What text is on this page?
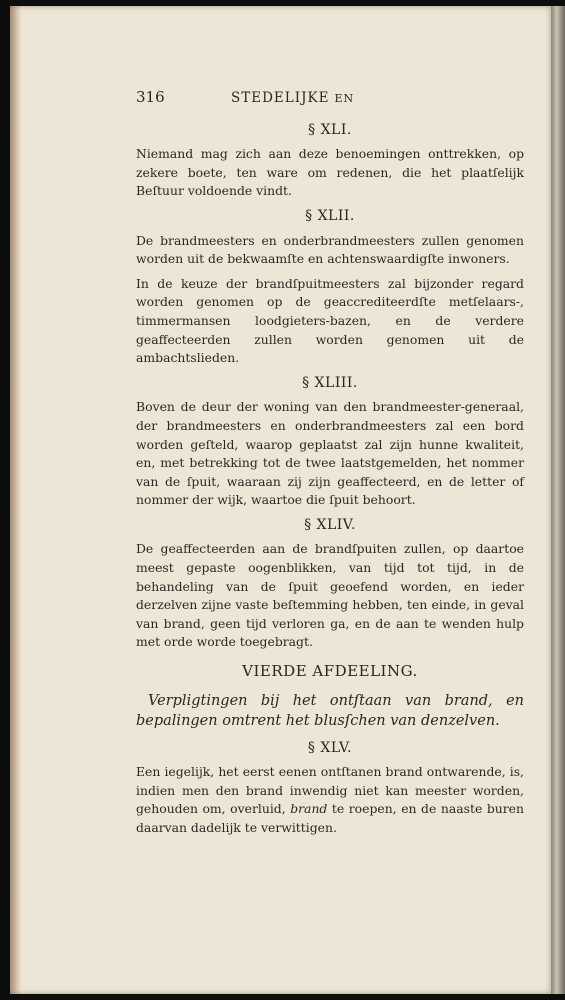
316	STEDELIJKE EN
§ XLI.

Niemand mag zich aan deze benoemingen onttrekken, op zekere boete, ten ware om redenen, die het plaatſelijk Beſtuur voldoende vindt.

§ XLII.

De brandmeesters en onderbrandmeesters zullen genomen worden uit de bekwaamſte en achtenswaardigſte inwoners.

In de keuze der brandſpuitmeesters zal bijzonder regard worden genomen op de geaccrediteerdſte metſelaars-, timmermansen loodgieters-bazen, en de verdere geaffecteerden zullen worden genomen uit de ambachtslieden.

§ XLIII.

Boven de deur der woning van den brandmeester-generaal, der brandmeesters en onderbrandmeesters zal een bord worden geſteld, waarop geplaatst zal zijn hunne kwaliteit, en, met betrekking tot de twee laatstgemelden, het nommer van de ſpuit, waaraan zij zijn geaffecteerd, en de letter of nommer der wijk, waartoe die ſpuit behoort.

§ XLIV.

De geaffecteerden aan de brandſpuiten zullen, op daartoe meest gepaste oogenblikken, van tijd tot tijd, in de behandeling van de ſpuit geoefend worden, en ieder derzelven zijne vaste beſtemming hebben, ten einde, in geval van brand, geen tijd verloren ga, en de aan te wenden hulp met orde worde toegebragt.

VIERDE AFDEELING.
Verpligtingen bij het ontſtaan van brand, en bepalingen omtrent het blusſchen van denzelven.
§ XLV.

Een iegelijk, het eerst eenen ontſtanen brand ontwarende, is, indien men den brand inwendig niet kan meester worden, gehouden om, overluid, brand te roepen, en de naaste buren daarvan dadelijk te verwittigen.
